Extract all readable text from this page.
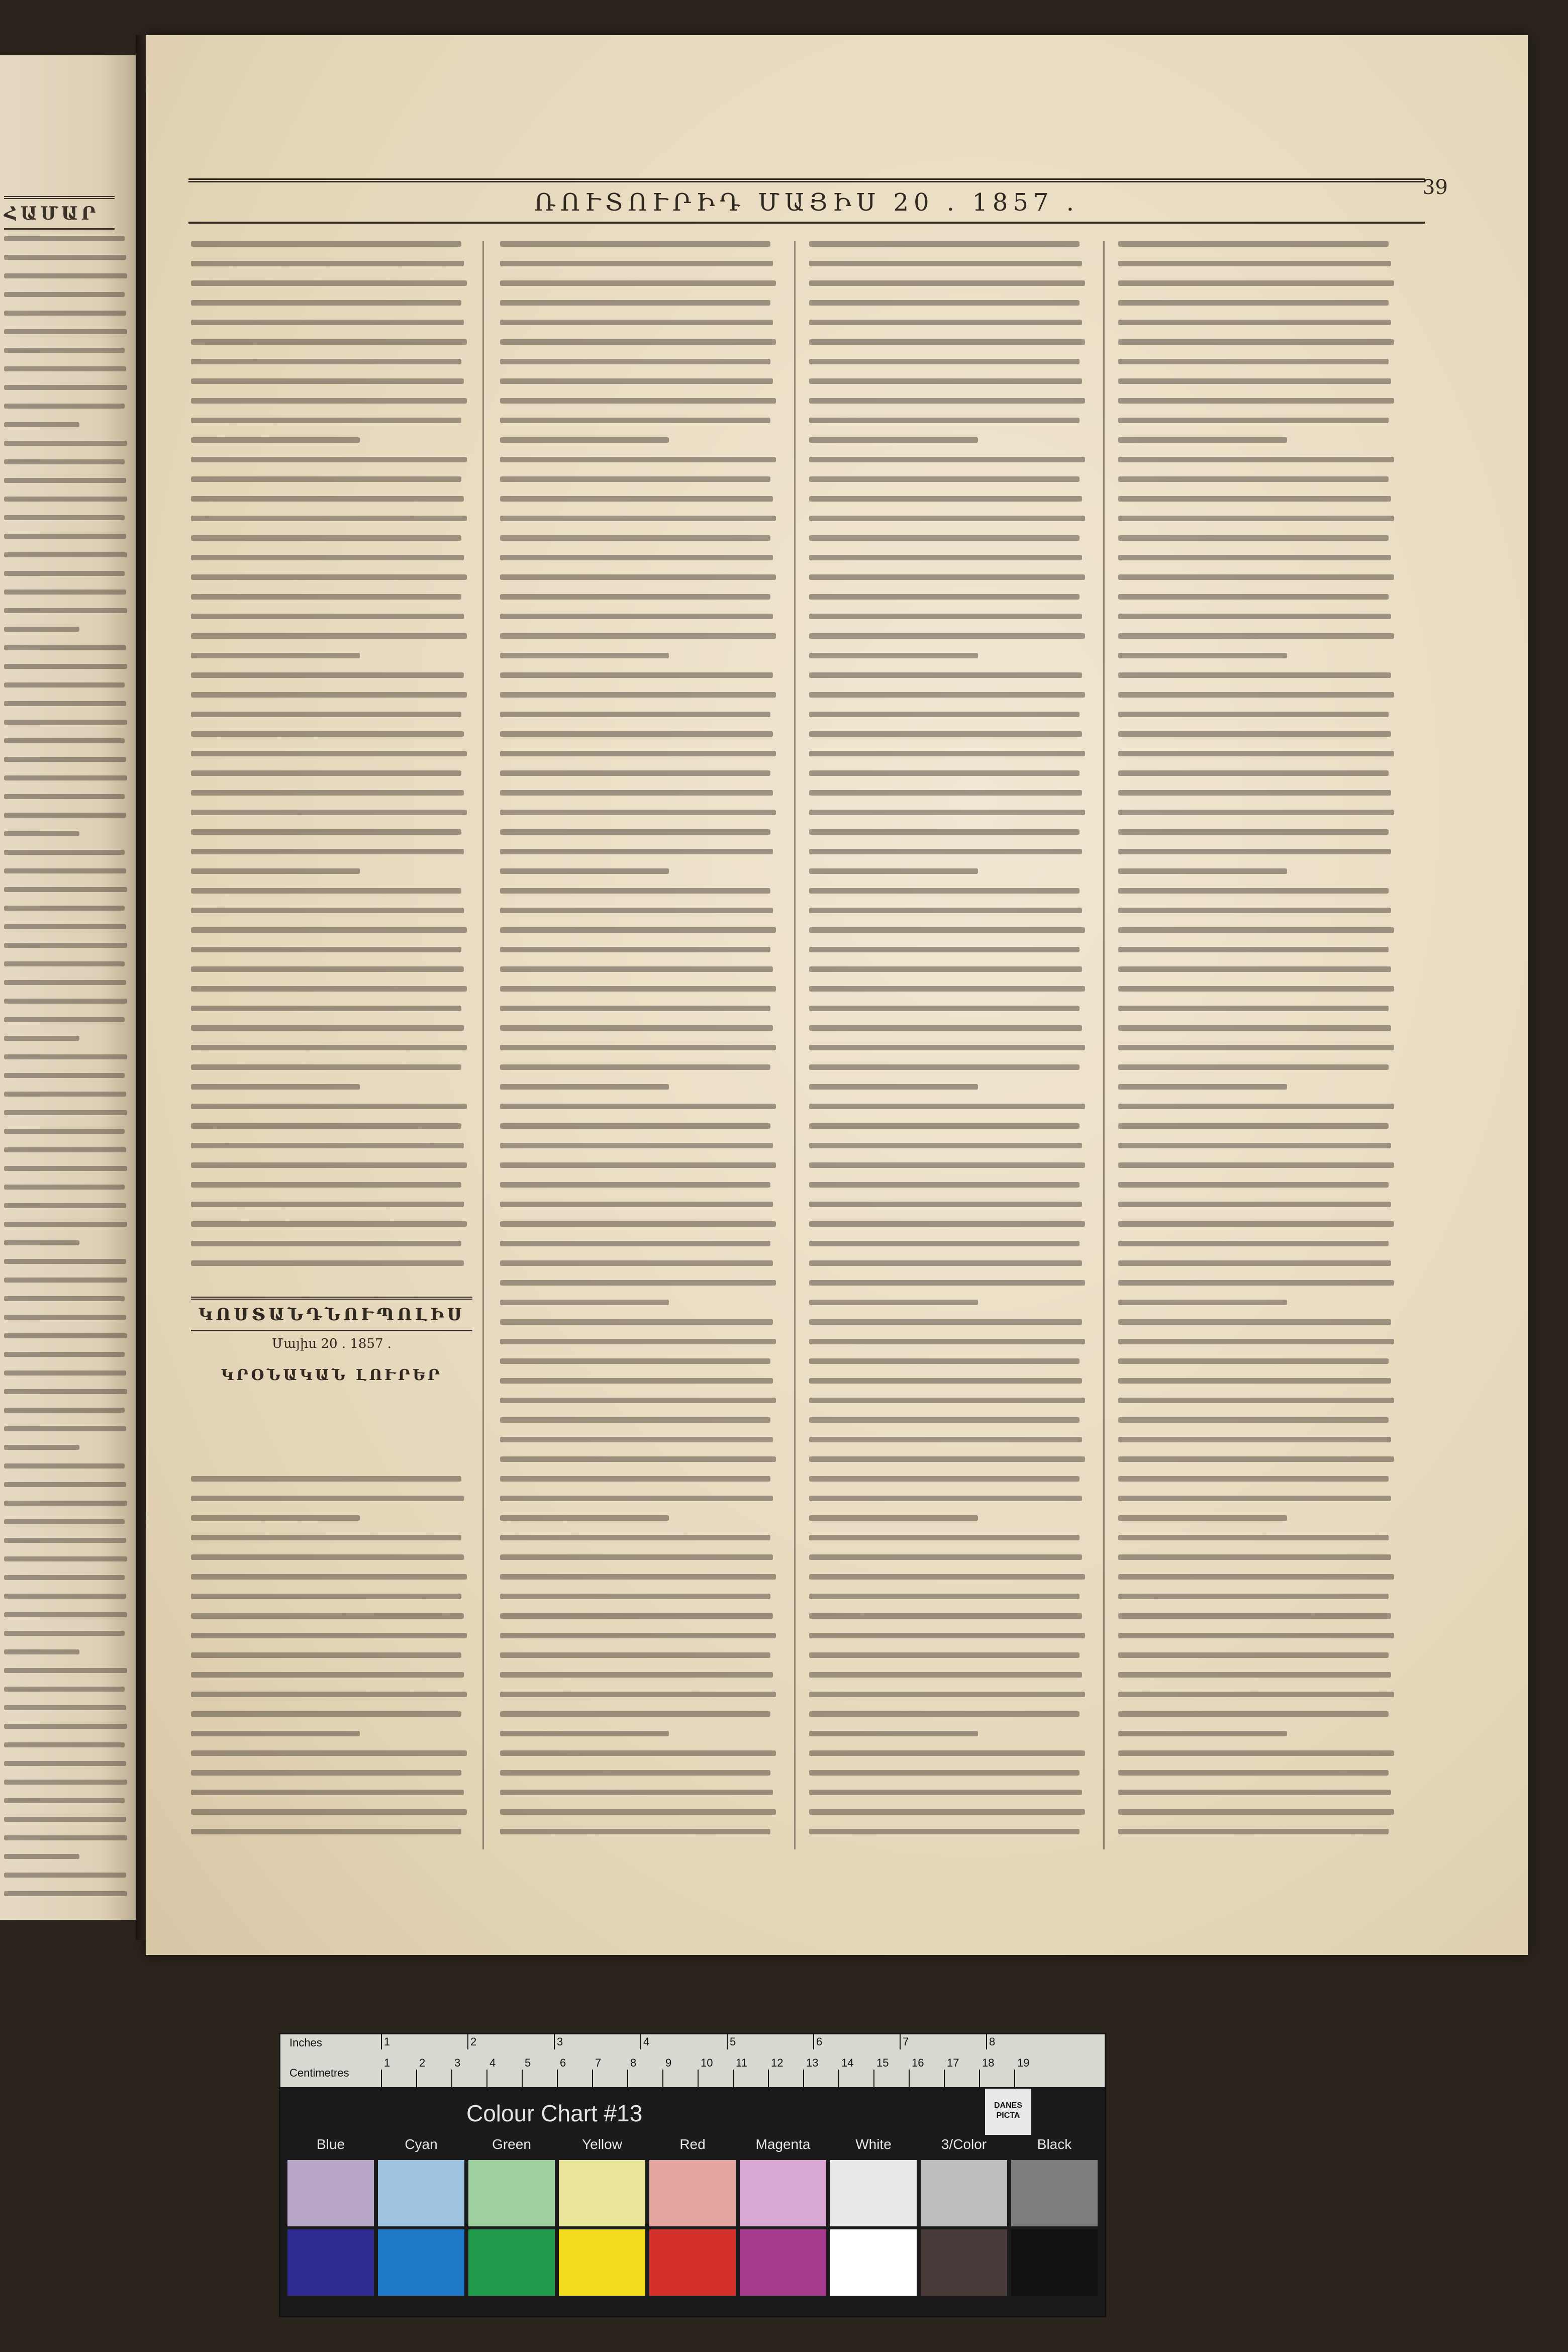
ՀԱՄԱՐ	ՌՈՒՏՈՒՐԻԴ ՄԱՅԻՍ 20 . 1857 .
39
ԿՈՍՏԱՆԴՆՈՒՊՈԼԻՍ
Մայիս 20 . 1857 .
ԿՐՕՆԱԿԱՆ ԼՈՒՐԵՐ
Inches
Centimetres
1	2	3	4	5	6	7	8
1	2	3	4	5	6	7	8	9	10 11 12 13 14 15 16 17 18 19
Colour Chart #13	DANES PICTA
Blue	Cyan	Green	Yellow	Red	Magenta	White	3/Color	Black
